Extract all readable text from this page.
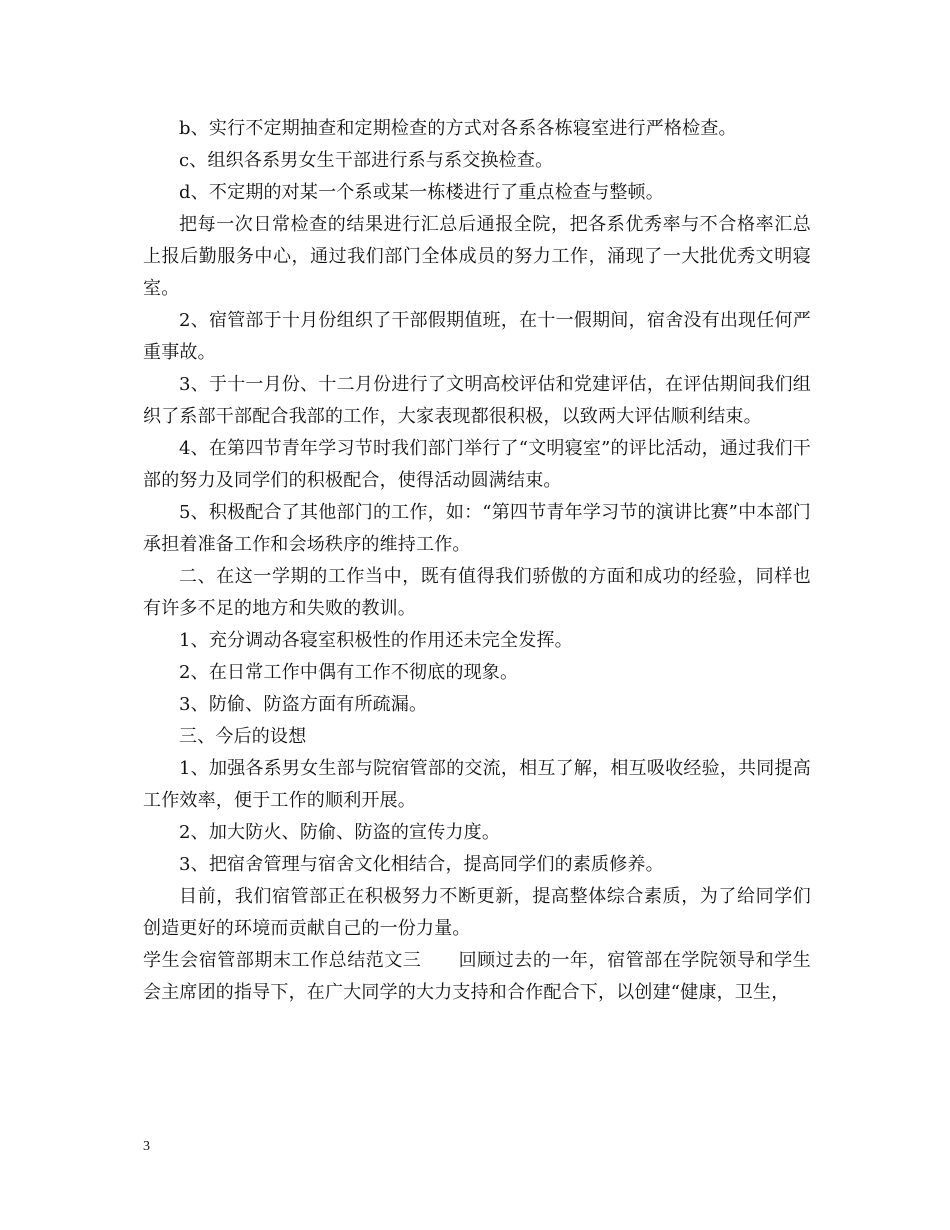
b、实行不定期抽查和定期检查的方式对各系各栋寝室进行严格检查。

c、组织各系男女生干部进行系与系交换检查。

d、不定期的对某一个系或某一栋楼进行了重点检查与整顿。

把每一次日常检查的结果进行汇总后通报全院，把各系优秀率与不合格率汇总上报后勤服务中心，通过我们部门全体成员的努力工作，涌现了一大批优秀文明寝室。

2、宿管部于十月份组织了干部假期值班，在十一假期间，宿舍没有出现任何严重事故。

3、于十一月份、十二月份进行了文明高校评估和党建评估，在评估期间我们组织了系部干部配合我部的工作，大家表现都很积极，以致两大评估顺利结束。

4、在第四节青年学习节时我们部门举行了“文明寝室”的评比活动，通过我们干部的努力及同学们的积极配合，使得活动圆满结束。

5、积极配合了其他部门的工作，如：“第四节青年学习节的演讲比赛”中本部门承担着准备工作和会场秩序的维持工作。

二、在这一学期的工作当中，既有值得我们骄傲的方面和成功的经验，同样也有许多不足的地方和失败的教训。

1、充分调动各寝室积极性的作用还未完全发挥。

2、在日常工作中偶有工作不彻底的现象。

3、防偷、防盗方面有所疏漏。

三、今后的设想

1、加强各系男女生部与院宿管部的交流，相互了解，相互吸收经验，共同提高工作效率，便于工作的顺利开展。

2、加大防火、防偷、防盗的宣传力度。

3、把宿舍管理与宿舍文化相结合，提高同学们的素质修养。

目前，我们宿管部正在积极努力不断更新，提高整体综合素质，为了给同学们创造更好的环境而贡献自己的一份力量。

学生会宿管部期末工作总结范文三　　回顾过去的一年，宿管部在学院领导和学生会主席团的指导下，在广大同学的大力支持和合作配合下，以创建“健康，卫生，

3
